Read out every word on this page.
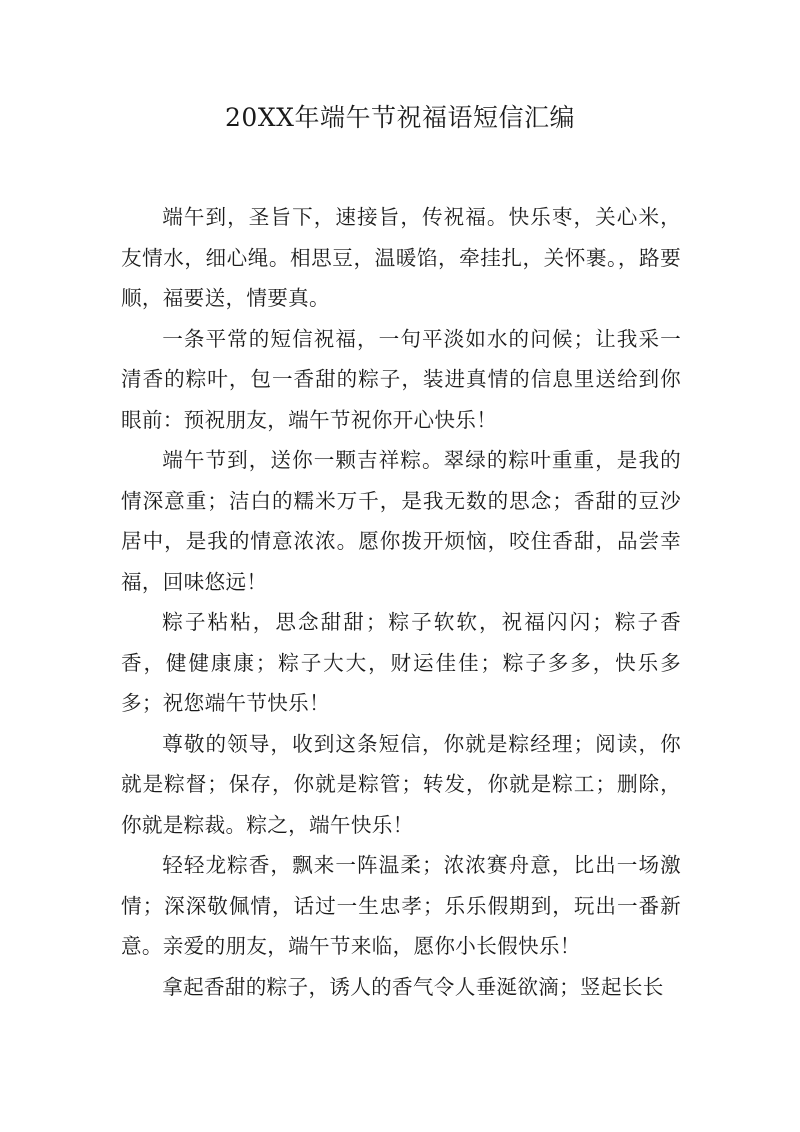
20XX年端午节祝福语短信汇编

端午到，圣旨下，速接旨，传祝福。快乐枣，关心米，友情水，细心绳。相思豆，温暖馅，牵挂扎，关怀裹。，路要顺，福要送，情要真。

一条平常的短信祝福，一句平淡如水的问候；让我采一清香的粽叶，包一香甜的粽子，装进真情的信息里送给到你眼前：预祝朋友，端午节祝你开心快乐！

端午节到，送你一颗吉祥粽。翠绿的粽叶重重，是我的情深意重；洁白的糯米万千，是我无数的思念；香甜的豆沙居中，是我的情意浓浓。愿你拨开烦恼，咬住香甜，品尝幸福，回味悠远！

粽子粘粘，思念甜甜；粽子软软，祝福闪闪；粽子香香，健健康康；粽子大大，财运佳佳；粽子多多，快乐多多；祝您端午节快乐！

尊敬的领导，收到这条短信，你就是粽经理；阅读，你就是粽督；保存，你就是粽管；转发，你就是粽工；删除，你就是粽裁。粽之，端午快乐！

轻轻龙粽香，飘来一阵温柔；浓浓赛舟意，比出一场激情；深深敬佩情，话过一生忠孝；乐乐假期到，玩出一番新意。亲爱的朋友，端午节来临，愿你小长假快乐！

拿起香甜的粽子，诱人的香气令人垂涎欲滴；竖起长长
